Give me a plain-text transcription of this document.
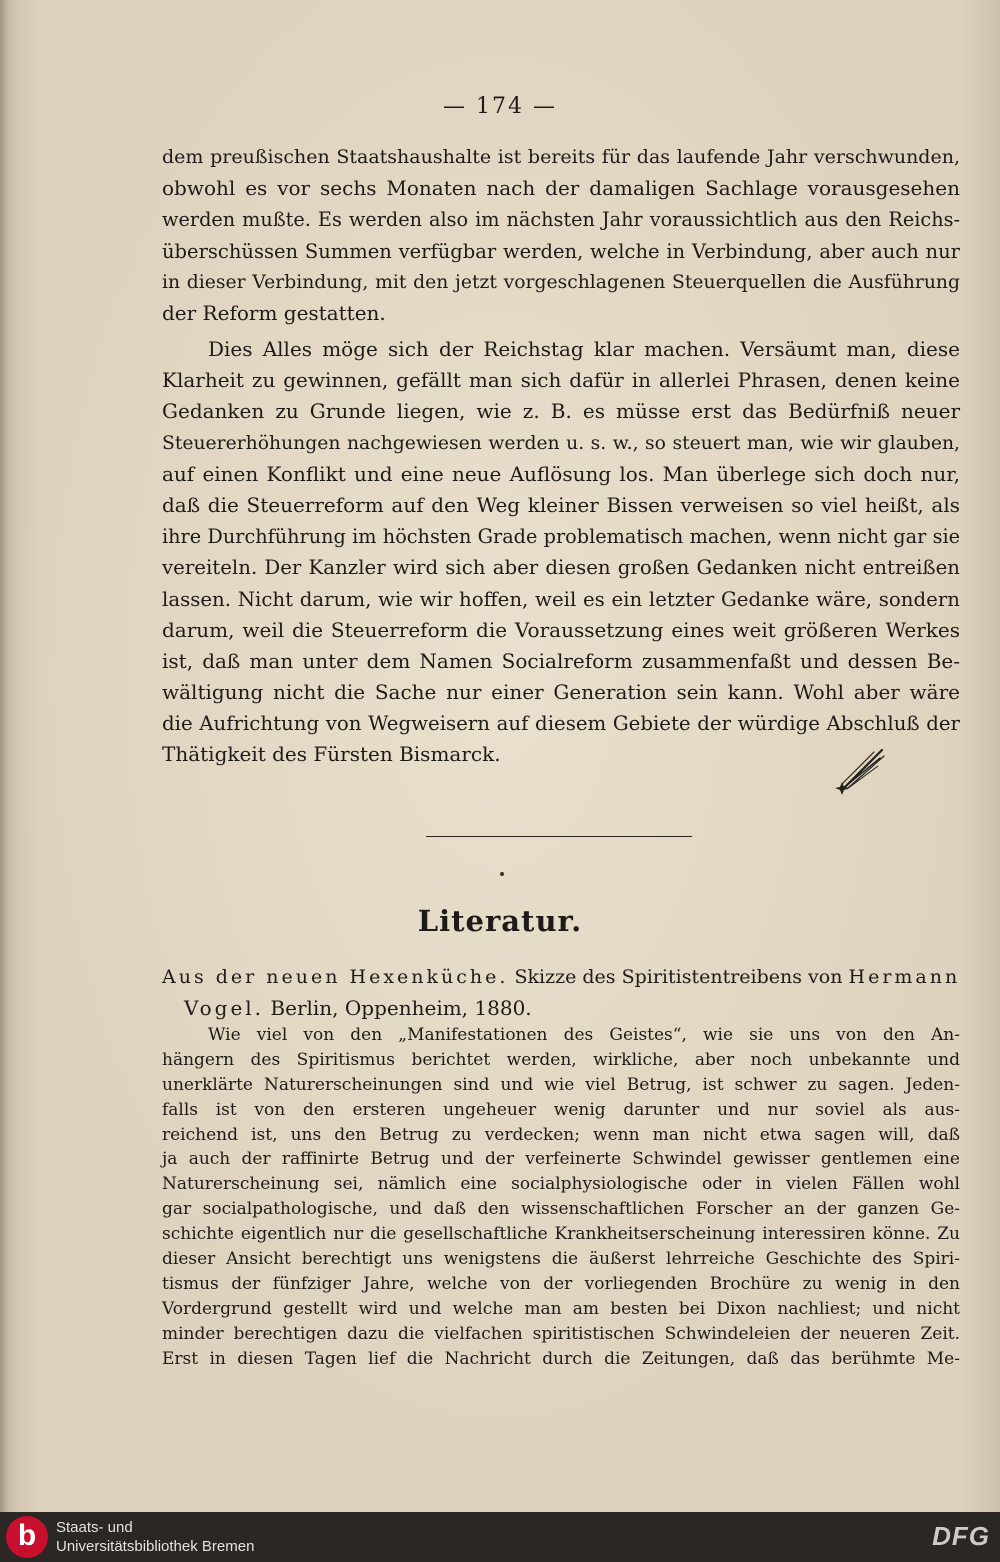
— 174 —
dem preußischen Staatshaushalte ist bereits für das laufende Jahr verschwunden,
obwohl es vor sechs Monaten nach der damaligen Sachlage vorausgesehen
werden mußte. Es werden also im nächsten Jahr voraussichtlich aus den Reichs-
überschüssen Summen verfügbar werden, welche in Verbindung, aber auch nur
in dieser Verbindung, mit den jetzt vorgeschlagenen Steuerquellen die Ausführung
der Reform gestatten.
Dies Alles möge sich der Reichstag klar machen. Versäumt man, diese
Klarheit zu gewinnen, gefällt man sich dafür in allerlei Phrasen, denen keine
Gedanken zu Grunde liegen, wie z. B. es müsse erst das Bedürfniß neuer
Steuererhöhungen nachgewiesen werden u. s. w., so steuert man, wie wir glauben,
auf einen Konflikt und eine neue Auflösung los. Man überlege sich doch nur,
daß die Steuerreform auf den Weg kleiner Bissen verweisen so viel heißt, als
ihre Durchführung im höchsten Grade problematisch machen, wenn nicht gar sie
vereiteln. Der Kanzler wird sich aber diesen großen Gedanken nicht entreißen
lassen. Nicht darum, wie wir hoffen, weil es ein letzter Gedanke wäre, sondern
darum, weil die Steuerreform die Voraussetzung eines weit größeren Werkes
ist, daß man unter dem Namen Socialreform zusammenfaßt und dessen Be-
wältigung nicht die Sache nur einer Generation sein kann. Wohl aber wäre
die Aufrichtung von Wegweisern auf diesem Gebiete der würdige Abschluß der
Thätigkeit des Fürsten Bismarck.
Literatur.
Aus der neuen Hexenküche. Skizze des Spiritistentreibens von Hermann
Vogel. Berlin, Oppenheim, 1880.
Wie viel von den „Manifestationen des Geistes“, wie sie uns von den An-
hängern des Spiritismus berichtet werden, wirkliche, aber noch unbekannte und
unerklärte Naturerscheinungen sind und wie viel Betrug, ist schwer zu sagen. Jeden-
falls ist von den ersteren ungeheuer wenig darunter und nur soviel als aus-
reichend ist, uns den Betrug zu verdecken; wenn man nicht etwa sagen will, daß
ja auch der raffinirte Betrug und der verfeinerte Schwindel gewisser gentlemen eine
Naturerscheinung sei, nämlich eine socialphysiologische oder in vielen Fällen wohl
gar socialpathologische, und daß den wissenschaftlichen Forscher an der ganzen Ge-
schichte eigentlich nur die gesellschaftliche Krankheitserscheinung interessiren könne. Zu
dieser Ansicht berechtigt uns wenigstens die äußerst lehrreiche Geschichte des Spiri-
tismus der fünfziger Jahre, welche von der vorliegenden Brochüre zu wenig in den
Vordergrund gestellt wird und welche man am besten bei Dixon nachliest; und nicht
minder berechtigen dazu die vielfachen spiritistischen Schwindeleien der neueren Zeit.
Erst in diesen Tagen lief die Nachricht durch die Zeitungen, daß das berühmte Me-
b	Staats- und
Universitätsbibliothek Bremen	DFG
